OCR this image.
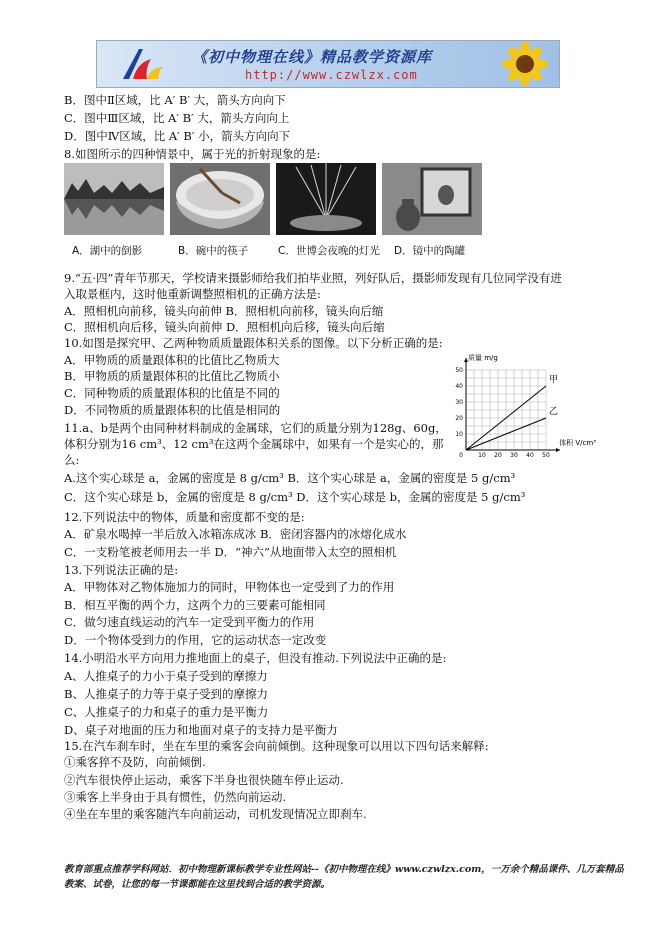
《初中物理在线》精品教学资源库
http://www.czwlzx.com
B．图中Ⅱ区域，比 A′ B′ 大，箭头方向向下
C．图中Ⅲ区域，比 A′ B′ 大，箭头方向向上
D．图中Ⅳ区域，比 A′ B′ 小，箭头方向向下
8.如图所示的四种情景中，属于光的折射现象的是:
A．湖中的倒影	B．碗中的筷子	C．世博会夜晚的灯光 D．镜中的陶罐
9.“五·四”青年节那天，学校请来摄影师给我们拍毕业照，列好队后，摄影师发现有几位同学没有进
入取景框内，这时他重新调整照相机的正确方法是:
A．照相机向前移，镜头向前伸 B．照相机向前移，镜头向后缩
C．照相机向后移，镜头向前伸 D．照相机向后移，镜头向后缩
10.如图是探究甲、乙两种物质质量跟体积关系的图像。以下分析正确的是:
A．甲物质的质量跟体积的比值比乙物质大
B．甲物质的质量跟体积的比值比乙物质小
C．同种物质的质量跟体积的比值是不同的
D．不同物质的质量跟体积的比值是相同的
11.a、b是两个由同种材料制成的金属球，它们的质量分别为128g、60g，
体积分别为16 cm³、12 cm³在这两个金属球中，如果有一个是实心的，那
么:
A.这个实心球是 a，金属的密度是 8 g/cm³ B．这个实心球是 a，金属的密度是 5 g/cm³
C．这个实心球是 b，金属的密度是 8 g/cm³ D．这个实心球是 b，金属的密度是 5 g/cm³
12.下列说法中的物体，质量和密度都不变的是:
A．矿泉水喝掉一半后放入冰箱冻成冰 B．密闭容器内的冰熔化成水
C．一支粉笔被老师用去一半 D．“神六”从地面带入太空的照相机
13.下列说法正确的是:
A．甲物体对乙物体施加力的同时，甲物体也一定受到了力的作用
B．相互平衡的两个力，这两个力的三要素可能相同
C．做匀速直线运动的汽车一定受到平衡力的作用
D．一个物体受到力的作用，它的运动状态一定改变
14.小明沿水平方向用力推地面上的桌子，但没有推动.下列说法中正确的是:
A、人推桌子的力小于桌子受到的摩擦力
B、人推桌子的力等于桌子受到的摩擦力
C、人推桌子的力和桌子的重力是平衡力
D、桌子对地面的压力和地面对桌子的支持力是平衡力
15.在汽车刹车时，坐在车里的乘客会向前倾倒。这种现象可以用以下四句话来解释:
①乘客猝不及防，向前倾倒.
②汽车很快停止运动，乘客下半身也很快随车停止运动.
③乘客上半身由于具有惯性，仍然向前运动.
④坐在车里的乘客随汽车向前运动，司机发现情况立即刹车.
10 20 30 40 50
10
20
30
40
50
0
质量 m/g
体积 V/cm³
甲
乙
教育部重点推荐学科网站．初中物理新课标教学专业性网站--《初中物理在线》www.czwlzx.com，一万余个精品课件、几万套精品教案、试卷，让您的每一节课都能在这里找到合适的教学资源。
